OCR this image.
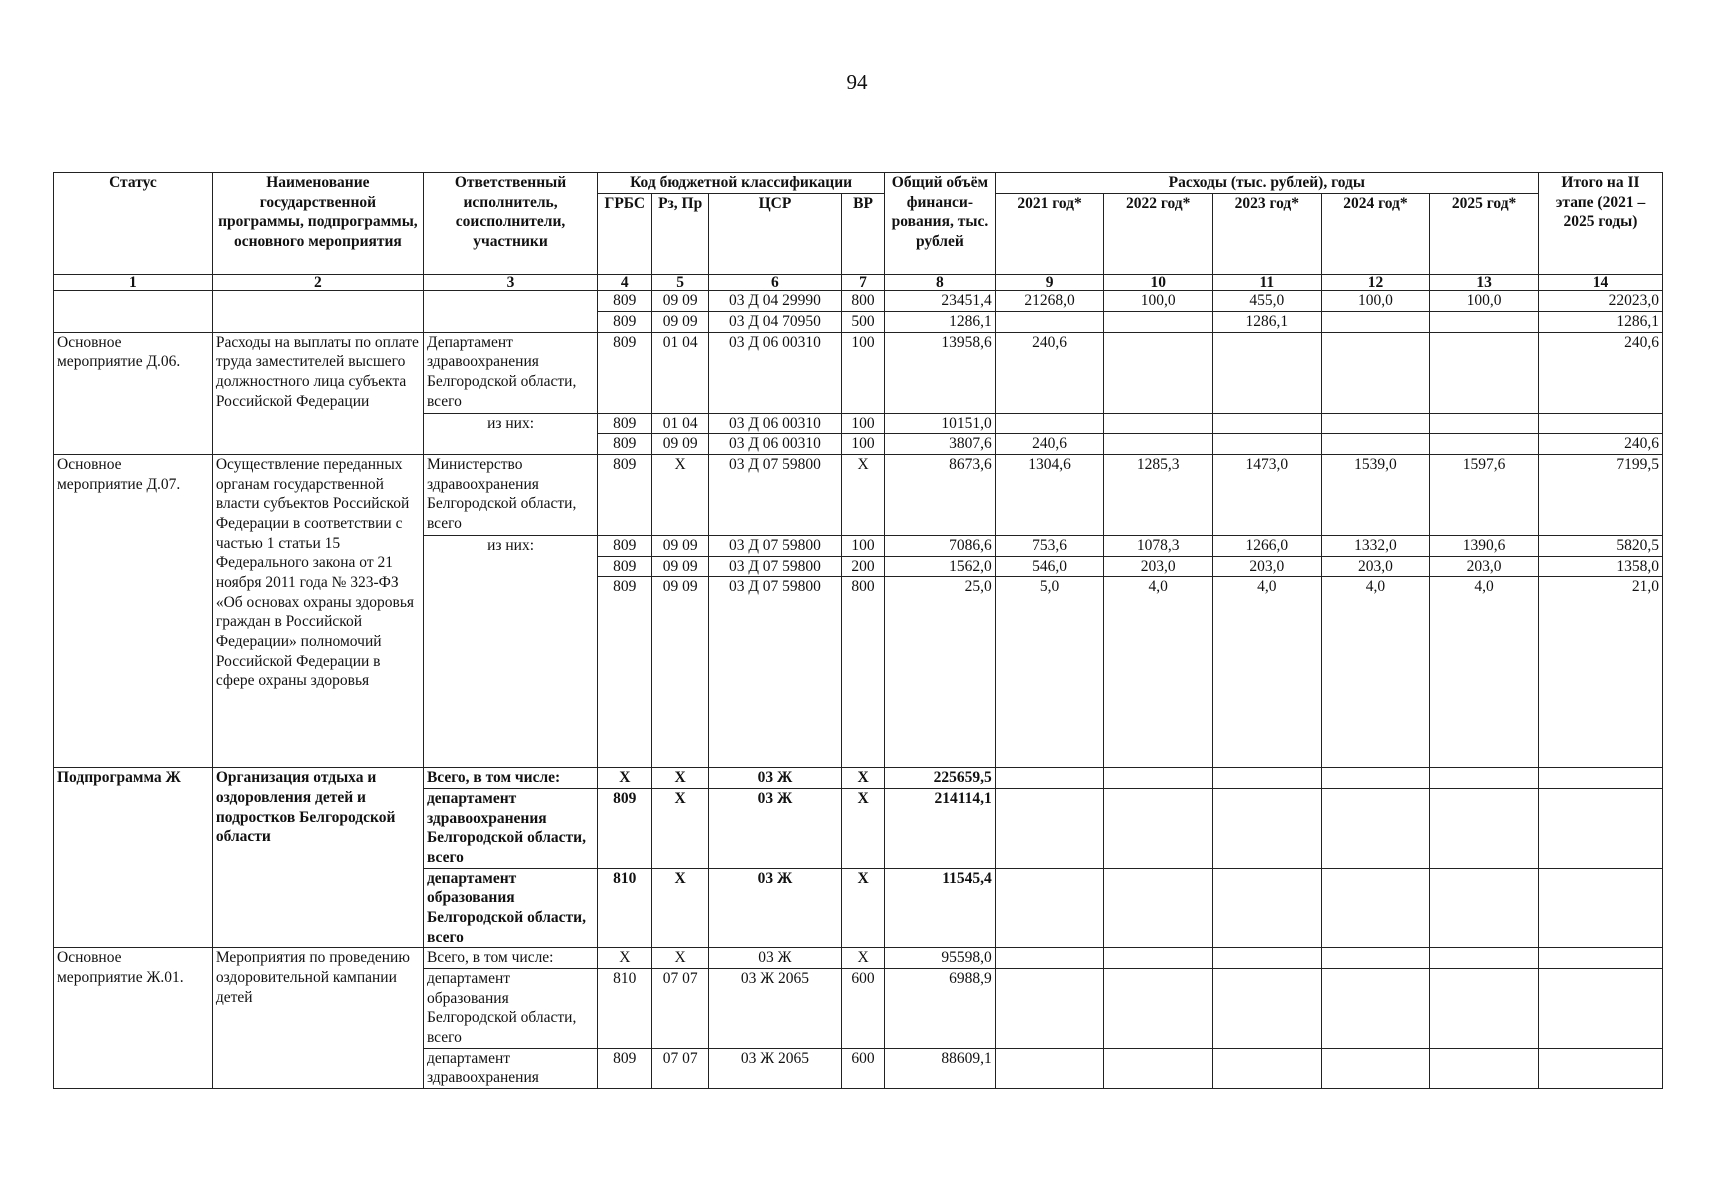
94
Статус	Наименование государственной программы, подпрограммы, основного мероприятия	Ответственный исполнитель, соисполнители, участники	Код бюджетной классификации				Общий объём финанси-рования, тыс. рублей	Расходы (тыс. рублей), годы					Итого на II этапе (2021 – 2025 годы)
			ГРБС	Рз, Пр	ЦСР	ВР		2021 год*	2022 год*	2023 год*	2024 год*	2025 год*	
1	2	3	4	5	6	7	8	9	10	11	12	13	14
			809	09 09	03 Д 04 29990	800	23451,4	21268,0	100,0	455,0	100,0	100,0	22023,0
			809	09 09	03 Д 04 70950	500	1286,1			1286,1			1286,1
Основное мероприятие Д.06.	Расходы на выплаты по оплате труда заместителей высшего должностного лица субъекта Российской Федерации	Департамент здравоохранения Белгородской области, всего	809	01 04	03 Д 06 00310	100	13958,6	240,6					240,6
		из них:	809	01 04	03 Д 06 00310	100	10151,0						
			809	09 09	03 Д 06 00310	100	3807,6	240,6					240,6
Основное мероприятие Д.07.	Осуществление переданных органам государственной власти субъектов Российской Федерации в соответствии с частью 1 статьи 15 Федерального закона от 21 ноября 2011 года № 323-ФЗ «Об основах охраны здоровья граждан в Российской Федерации» полномочий Российской Федерации в сфере охраны здоровья	Министерство здравоохранения Белгородской области, всего	809	Х	03 Д 07 59800	Х	8673,6	1304,6	1285,3	1473,0	1539,0	1597,6	7199,5
		из них:	809	09 09	03 Д 07 59800	100	7086,6	753,6	1078,3	1266,0	1332,0	1390,6	5820,5
			809	09 09	03 Д 07 59800	200	1562,0	546,0	203,0	203,0	203,0	203,0	1358,0
			809	09 09	03 Д 07 59800	800	25,0	5,0	4,0	4,0	4,0	4,0	21,0
Подпрограмма Ж	Организация отдыха и оздоровления детей и подростков Белгородской области	Всего, в том числе:	Х	Х	03 Ж	Х	225659,5						
		департамент здравоохранения Белгородской области, всего	809	Х	03 Ж	Х	214114,1						
		департамент образования Белгородской области, всего	810	Х	03 Ж	Х	11545,4						
Основное мероприятие Ж.01.	Мероприятия по проведению оздоровительной кампании детей	Всего, в том числе:	Х	Х	03 Ж	Х	95598,0						
		департамент образования Белгородской области, всего	810	07 07	03 Ж 2065	600	6988,9						
		департамент здравоохранения	809	07 07	03 Ж 2065	600	88609,1						
